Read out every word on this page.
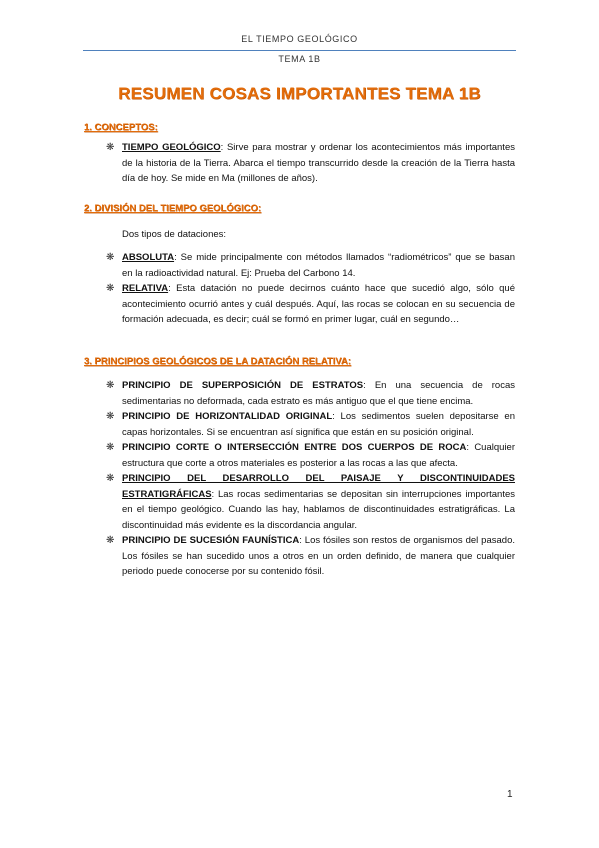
EL TIEMPO GEOLÓGICO
TEMA 1B
RESUMEN COSAS IMPORTANTES TEMA 1B
1. CONCEPTOS:
❋ TIEMPO GEOLÓGICO: Sirve para mostrar y ordenar los acontecimientos más importantes de la historia de la Tierra. Abarca el tiempo transcurrido desde la creación de la Tierra hasta día de hoy. Se mide en Ma (millones de años).
2. DIVISIÓN DEL TIEMPO GEOLÓGICO:
Dos tipos de dataciones:
❋ ABSOLUTA: Se mide principalmente con métodos llamados “radiométricos” que se basan en la radioactividad natural. Ej: Prueba del Carbono 14.
❋ RELATIVA: Esta datación no puede decirnos cuánto hace que sucedió algo, sólo qué acontecimiento ocurrió antes y cuál después. Aquí, las rocas se colocan en su secuencia de formación adecuada, es decir; cuál se formó en primer lugar, cuál en segundo…
3. PRINCIPIOS GEOLÓGICOS DE LA DATACIÓN RELATIVA:
❋ PRINCIPIO DE SUPERPOSICIÓN DE ESTRATOS: En una secuencia de rocas sedimentarias no deformada, cada estrato es más antiguo que el que tiene encima.
❋ PRINCIPIO DE HORIZONTALIDAD ORIGINAL: Los sedimentos suelen depositarse en capas horizontales. Si se encuentran así significa que están en su posición original.
❋ PRINCIPIO CORTE O INTERSECCIÓN ENTRE DOS CUERPOS DE ROCA: Cualquier estructura que corte a otros materiales es posterior a las rocas a las que afecta.
❋ PRINCIPIO DEL DESARROLLO DEL PAISAJE Y DISCONTINUIDADES ESTRATIGRÁFICAS: Las rocas sedimentarias se depositan sin interrupciones importantes en el tiempo geológico. Cuando las hay, hablamos de discontinuidades estratigráficas. La discontinuidad más evidente es la discordancia angular.
❋ PRINCIPIO DE SUCESIÓN FAUNÍSTICA: Los fósiles son restos de organismos del pasado. Los fósiles se han sucedido unos a otros en un orden definido, de manera que cualquier periodo puede conocerse por su contenido fósil.
1
